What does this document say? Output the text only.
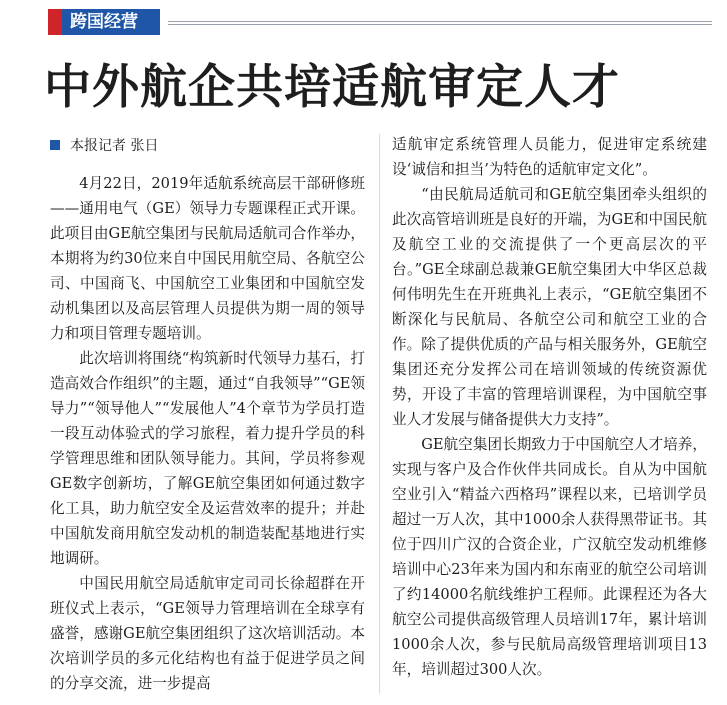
跨国经营
中外航企共培适航审定人才
本报记者 张日

4月22日，2019年适航系统高层干部研修班——通用电气（GE）领导力专题课程正式开课。此项目由GE航空集团与民航局适航司合作举办，本期将为约30位来自中国民用航空局、各航空公司、中国商飞、中国航空工业集团和中国航空发动机集团以及高层管理人员提供为期一周的领导力和项目管理专题培训。

此次培训将围绕“构筑新时代领导力基石，打造高效合作组织”的主题，通过“自我领导”“GE领导力”“领导他人”“发展他人”4个章节为学员打造一段互动体验式的学习旅程，着力提升学员的科学管理思维和团队领导能力。其间，学员将参观GE数字创新坊，了解GE航空集团如何通过数字化工具，助力航空安全及运营效率的提升；并赴中国航发商用航空发动机的制造装配基地进行实地调研。

中国民用航空局适航审定司司长徐超群在开班仪式上表示，“GE领导力管理培训在全球享有盛誉，感谢GE航空集团组织了这次培训活动。本次培训学员的多元化结构也有益于促进学员之间的分享交流，进一步提高

适航审定系统管理人员能力，促进审定系统建设‘诚信和担当’为特色的适航审定文化”。

“由民航局适航司和GE航空集团牵头组织的此次高管培训班是良好的开端，为GE和中国民航及航空工业的交流提供了一个更高层次的平台。”GE全球副总裁兼GE航空集团大中华区总裁何伟明先生在开班典礼上表示，“GE航空集团不断深化与民航局、各航空公司和航空工业的合作。除了提供优质的产品与相关服务外，GE航空集团还充分发挥公司在培训领域的传统资源优势，开设了丰富的管理培训课程，为中国航空事业人才发展与储备提供大力支持”。

GE航空集团长期致力于中国航空人才培养，实现与客户及合作伙伴共同成长。自从为中国航空业引入“精益六西格玛”课程以来，已培训学员超过一万人次，其中1000余人获得黑带证书。其位于四川广汉的合资企业，广汉航空发动机维修培训中心23年来为国内和东南亚的航空公司培训了约14000名航线维护工程师。此课程还为各大航空公司提供高级管理人员培训17年，累计培训1000余人次，参与民航局高级管理培训项目13年，培训超过300人次。
